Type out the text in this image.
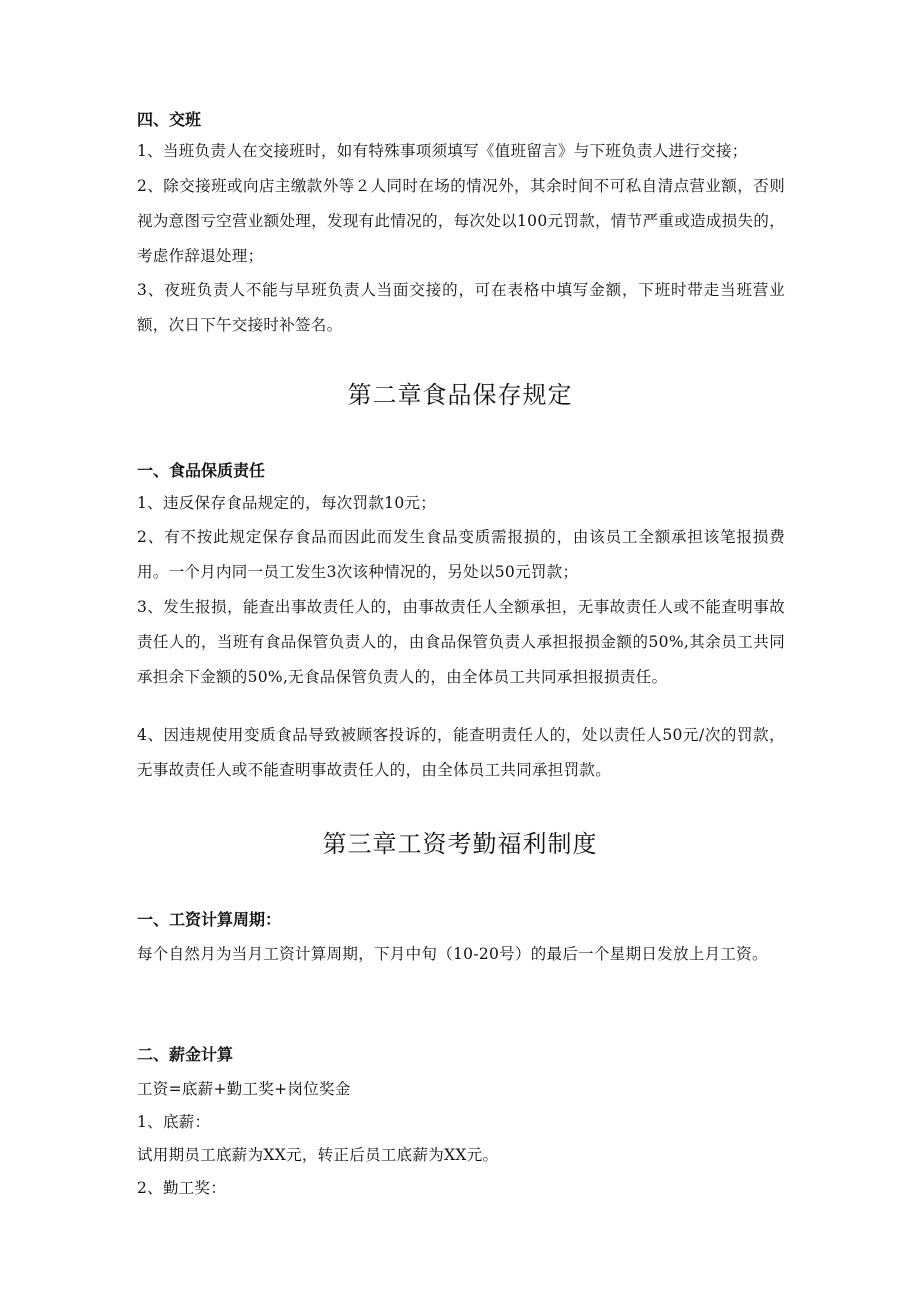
四、交班
1、当班负责人在交接班时，如有特殊事项须填写《值班留言》与下班负责人进行交接；
2、除交接班或向店主缴款外等２人同时在场的情况外，其余时间不可私自清点营业额，否则视为意图亏空营业额处理，发现有此情况的，每次处以100元罚款，情节严重或造成损失的，考虑作辞退处理；
3、夜班负责人不能与早班负责人当面交接的，可在表格中填写金额，下班时带走当班营业额，次日下午交接时补签名。
第二章食品保存规定
一、食品保质责任
1、违反保存食品规定的，每次罚款10元；
2、有不按此规定保存食品而因此而发生食品变质需报损的，由该员工全额承担该笔报损费用。一个月内同一员工发生3次该种情况的，另处以50元罚款；
3、发生报损，能查出事故责任人的，由事故责任人全额承担，无事故责任人或不能查明事故责任人的，当班有食品保管负责人的，由食品保管负责人承担报损金额的50%,其余员工共同承担余下金额的50%,无食品保管负责人的，由全体员工共同承担报损责任。
4、因违规使用变质食品导致被顾客投诉的，能查明责任人的，处以责任人50元/次的罚款，无事故责任人或不能查明事故责任人的，由全体员工共同承担罚款。
第三章工资考勤福利制度
一、工资计算周期：
每个自然月为当月工资计算周期，下月中旬（10-20号）的最后一个星期日发放上月工资。
二、薪金计算
工资=底薪+勤工奖+岗位奖金
1、底薪：
试用期员工底薪为XX元，转正后员工底薪为XX元。
2、勤工奖：
